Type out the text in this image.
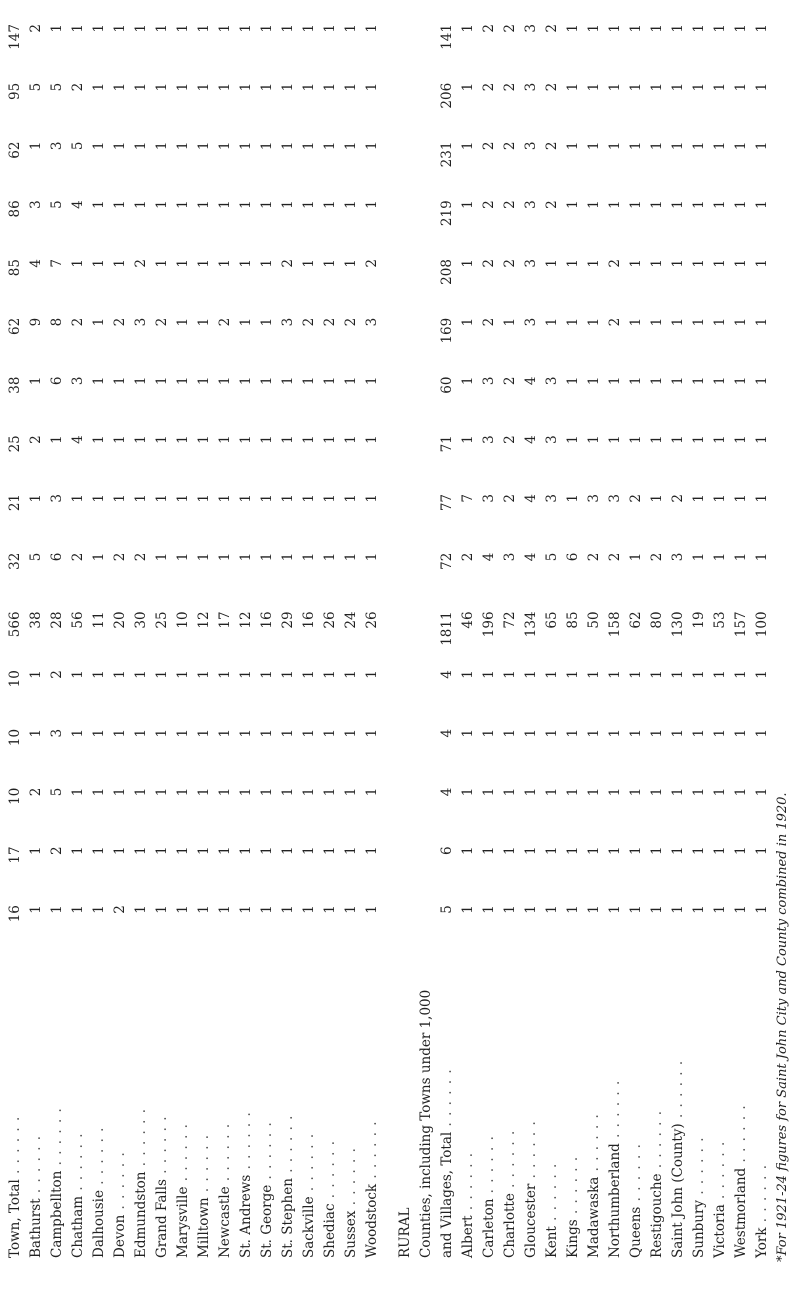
Town, Total . . . . . .	16	17	10	10	10	566	32	21	25	38	62	85	86	62	95	147
Bathurst . . . . . .	1	1	2	1	1	38	5	1	2	1	9	4	3	1	5	2
Campbellton . . . . . .	1	2	5	3	2	28	6	3	1	6	8	7	5	3	5	1
Chatham . . . . . .	1	1	1	1	1	56	2	1	4	3	2	1	4	5	2	1
Dalhousie . . . . . .	1	1	1	1	1	11	1	1	1	1	1	1	1	1	1	1
Devon . . . . . .	2	1	1	1	1	20	2	1	1	1	2	1	1	1	1	1
Edmundston . . . . . .	1	1	1	1	1	30	2	1	1	1	3	2	1	1	1	1
Grand Falls . . . . . .	1	1	1	1	1	25	1	1	1	1	2	1	1	1	1	1
Marysville . . . . . .	1	1	1	1	1	10	1	1	1	1	1	1	1	1	1	1
Milltown . . . . . .	1	1	1	1	1	12	1	1	1	1	1	1	1	1	1	1
Newcastle . . . . . .	1	1	1	1	1	17	1	1	1	1	2	1	1	1	1	1
St. Andrews . . . . . .	1	1	1	1	1	12	1	1	1	1	1	1	1	1	1	1
St. George . . . . . .	1	1	1	1	1	16	1	1	1	1	1	1	1	1	1	1
St. Stephen . . . . . .	1	1	1	1	1	29	1	1	1	1	3	2	1	1	1	1
Sackville . . . . . .	1	1	1	1	1	16	1	1	1	1	2	1	1	1	1	1
Shediac . . . . . .	1	1	1	1	1	26	1	1	1	1	2	1	1	1	1	1
Sussex . . . . . .	1	1	1	1	1	24	1	1	1	1	2	1	1	1	1	1
Woodstock . . . . . .	1	1	1	1	1	26	1	1	1	1	3	2	1	1	1	1

RURAL																
Counties, including Towns under 1,000																
and Villages, Total . . . . . .	5	6	4	4	4	1811	72	77	71	60	169	208	219	231	206	141
Albert . . . . . .	1	1	1	1	1	46	2	7	1	1	1	1	1	1	1	1
Carleton . . . . . .	1	1	1	1	1	196	4	3	3	3	2	2	2	2	2	2
Charlotte . . . . . .	1	1	1	1	1	72	3	2	2	2	1	2	2	2	2	2
Gloucester . . . . . .	1	1	1	1	1	134	4	4	4	4	3	3	3	3	3	3
Kent . . . . . .	1	1	1	1	1	65	5	3	3	3	1	1	2	2	2	2
Kings . . . . . .	1	1	1	1	1	85	6	1	1	1	1	1	1	1	1	1
Madawaska . . . . . .	1	1	1	1	1	50	2	3	1	1	1	1	1	1	1	1
Northumberland . . . . . .	1	1	1	1	1	158	2	3	1	1	2	2	1	1	1	1
Queens . . . . . .	1	1	1	1	1	62	1	2	1	1	1	1	1	1	1	1
Restigouche . . . . . .	1	1	1	1	1	80	2	1	1	1	1	1	1	1	1	1
Saint John (County) . . . . . .	1	1	1	1	1	130	3	2	1	1	1	1	1	1	1	1
Sunbury . . . . . .	1	1	1	1	1	19	1	1	1	1	1	1	1	1	1	1
Victoria . . . . . .	1	1	1	1	1	53	1	1	1	1	1	1	1	1	1	1
Westmorland . . . . . .	1	1	1	1	1	157	1	1	1	1	1	1	1	1	1	1
York . . . . . .	1	1	1	1	1	100	1	1	1	1	1	1	1	1	1	1
*For 1921-24 figures for Saint John City and County combined in 1920.
